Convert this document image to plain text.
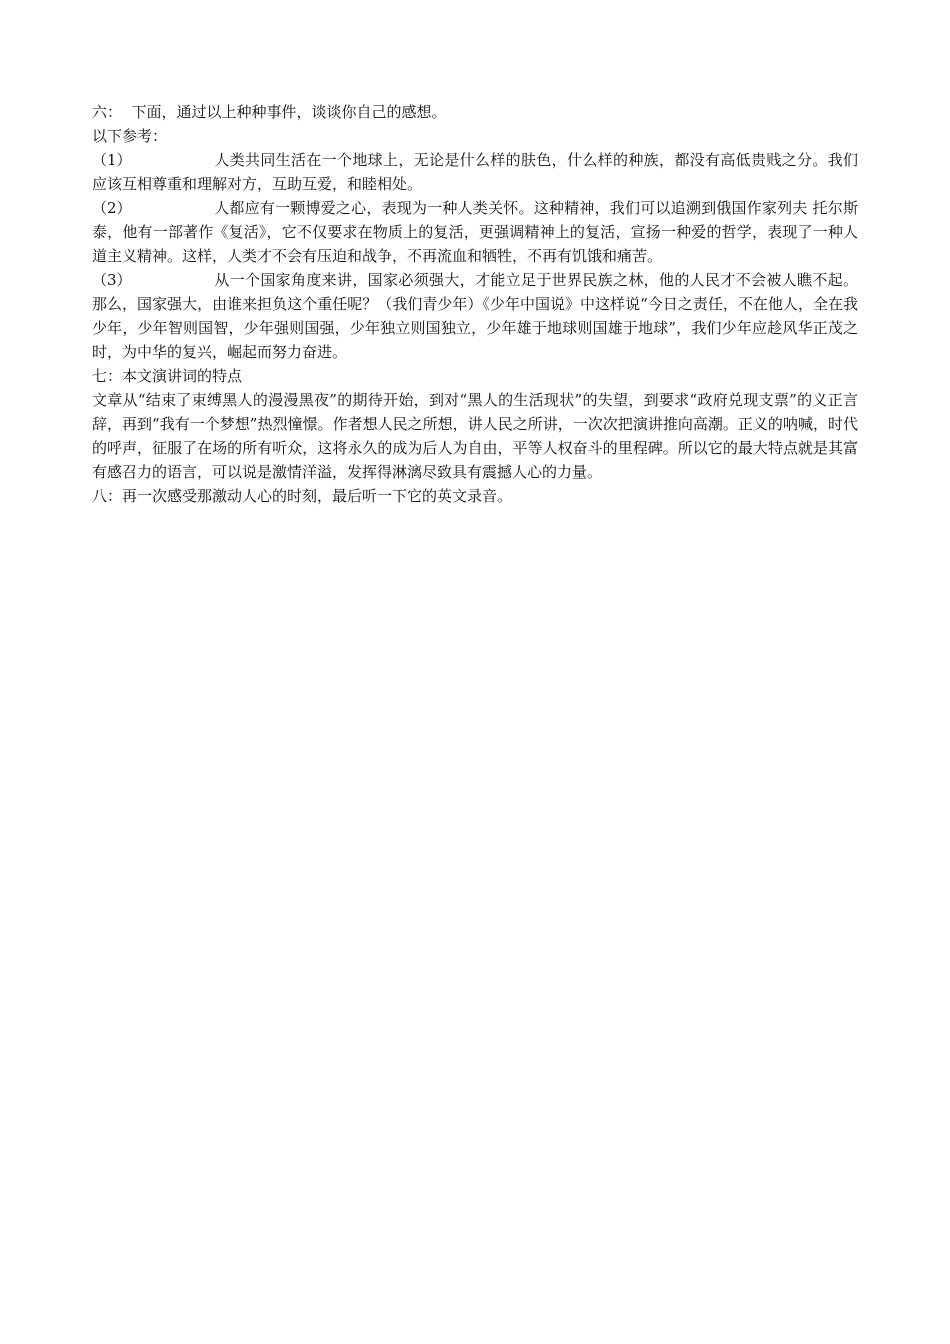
六：  下面，通过以上种种事件，谈谈你自己的感想。

以下参考：

（1）	人类共同生活在一个地球上，无论是什么样的肤色，什么样的种族，都没有高低贵贱之分。我们应该互相尊重和理解对方，互助互爱，和睦相处。

（2）	人都应有一颗博爱之心，表现为一种人类关怀。这种精神，我们可以追溯到俄国作家列夫 托尔斯泰，他有一部著作《复活》，它不仅要求在物质上的复活，更强调精神上的复活，宣扬一种爱的哲学，表现了一种人道主义精神。这样，人类才不会有压迫和战争，不再流血和牺牲，不再有饥饿和痛苦。

（3）	从一个国家角度来讲，国家必须强大，才能立足于世界民族之林，他的人民才不会被人瞧不起。那么，国家强大，由谁来担负这个重任呢？（我们青少年）《少年中国说》中这样说“今日之责任，不在他人，全在我少年，少年智则国智，少年强则国强，少年独立则国独立，少年雄于地球则国雄于地球”，我们少年应趁风华正茂之时，为中华的复兴，崛起而努力奋进。

七：本文演讲词的特点

文章从“结束了束缚黑人的漫漫黑夜”的期待开始，到对“黑人的生活现状”的失望，到要求“政府兑现支票”的义正言辞，再到“我有一个梦想”热烈憧憬。作者想人民之所想，讲人民之所讲，一次次把演讲推向高潮。正义的呐喊，时代的呼声，征服了在场的所有听众，这将永久的成为后人为自由，平等人权奋斗的里程碑。所以它的最大特点就是其富有感召力的语言，可以说是激情洋溢，发挥得淋漓尽致具有震撼人心的力量。

八：再一次感受那激动人心的时刻，最后听一下它的英文录音。
